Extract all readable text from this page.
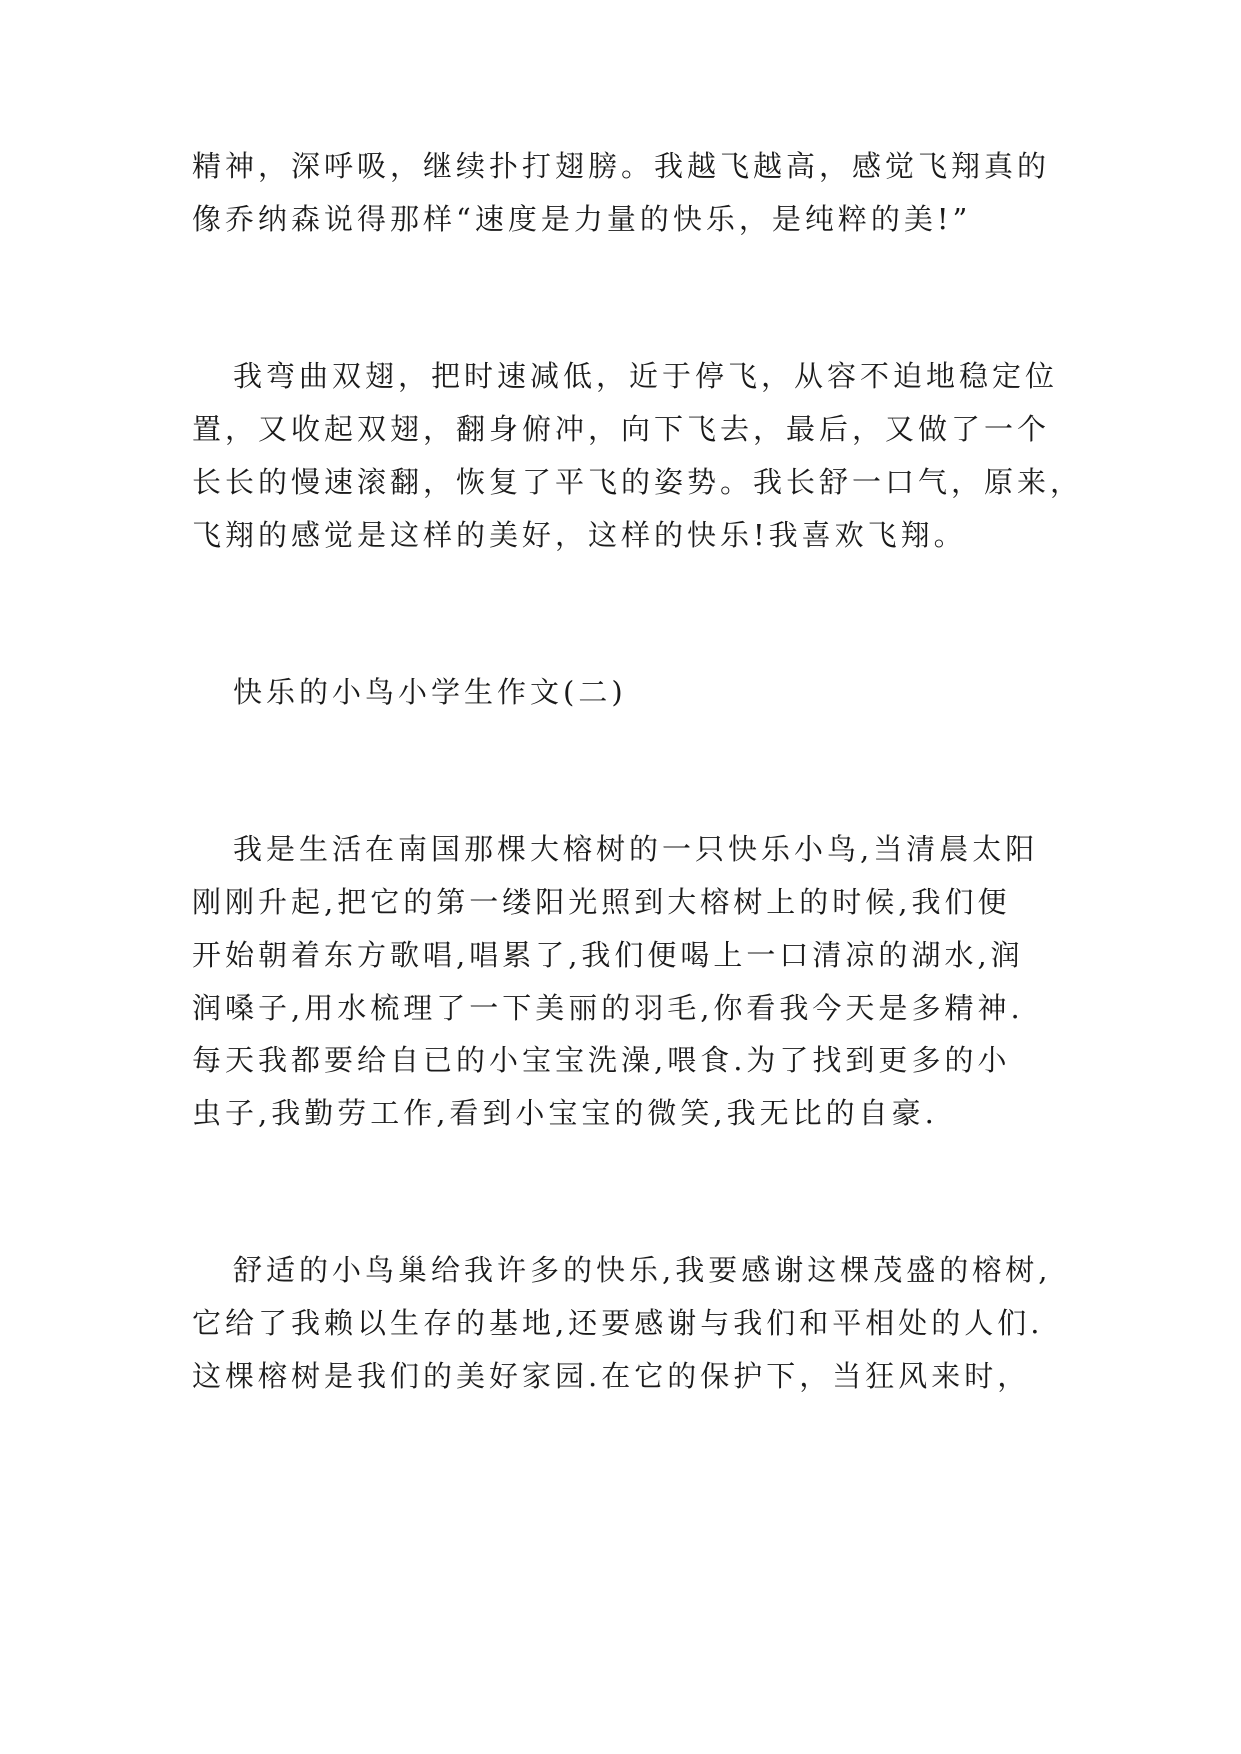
精神，深呼吸，继续扑打翅膀。我越飞越高，感觉飞翔真的
像乔纳森说得那样“速度是力量的快乐，是纯粹的美!”
我弯曲双翅，把时速减低，近于停飞，从容不迫地稳定位
置，又收起双翅，翻身俯冲，向下飞去，最后，又做了一个
长长的慢速滚翻，恢复了平飞的姿势。我长舒一口气，原来，
飞翔的感觉是这样的美好，这样的快乐!我喜欢飞翔。
快乐的小鸟小学生作文(二)
我是生活在南国那棵大榕树的一只快乐小鸟,当清晨太阳
刚刚升起,把它的第一缕阳光照到大榕树上的时候,我们便
开始朝着东方歌唱,唱累了,我们便喝上一口清凉的湖水,润
润嗓子,用水梳理了一下美丽的羽毛,你看我今天是多精神.
每天我都要给自已的小宝宝洗澡,喂食.为了找到更多的小
虫子,我勤劳工作,看到小宝宝的微笑,我无比的自豪.
舒适的小鸟巢给我许多的快乐,我要感谢这棵茂盛的榕树,
它给了我赖以生存的基地,还要感谢与我们和平相处的人们.
这棵榕树是我们的美好家园.在它的保护下，当狂风来时，
